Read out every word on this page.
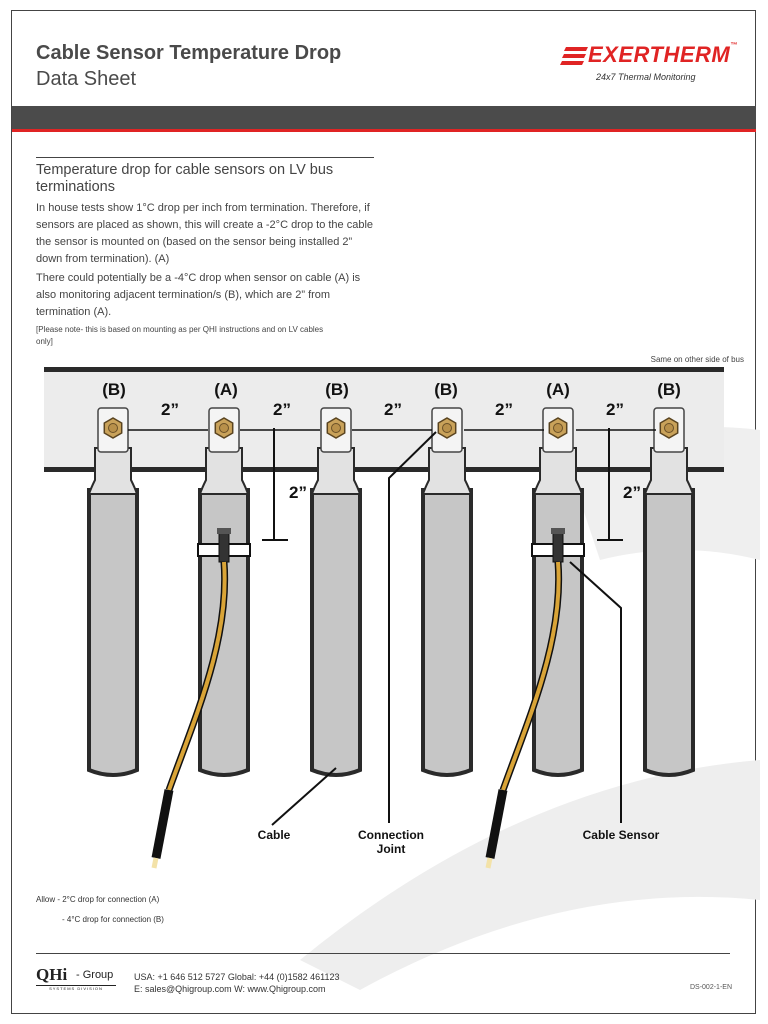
Cable Sensor Temperature Drop
Data Sheet
EXERTHERM™
24x7 Thermal Monitoring
Temperature drop for cable sensors on LV bus terminations
In house tests show 1°C drop per inch from termination. Therefore, if sensors are placed as shown, this will create a -2°C drop to the cable the sensor is mounted on (based on the sensor being installed 2” down from termination). (A)
There could potentially be a -4°C drop when sensor on cable (A) is also monitoring adjacent termination/s (B), which are 2” from termination (A).
[Please note- this is based on mounting as per QHI instructions and on LV cables only]
Same on other side of bus
(B)	(A)	(B)	(B)	(A)	(B)
2”	2”	2”	2”	2”
2”	2”
Cable	Connection
Joint
Cable Sensor
Allow - 2°C drop for connection (A)
- 4°C drop for connection (B)
QHi - Group
SYSTEMS DIVISION
USA: +1 646 512 5727 Global: +44 (0)1582 461123
E: sales@Qhigroup.com W: www.Qhigroup.com	DS-002-1-EN
